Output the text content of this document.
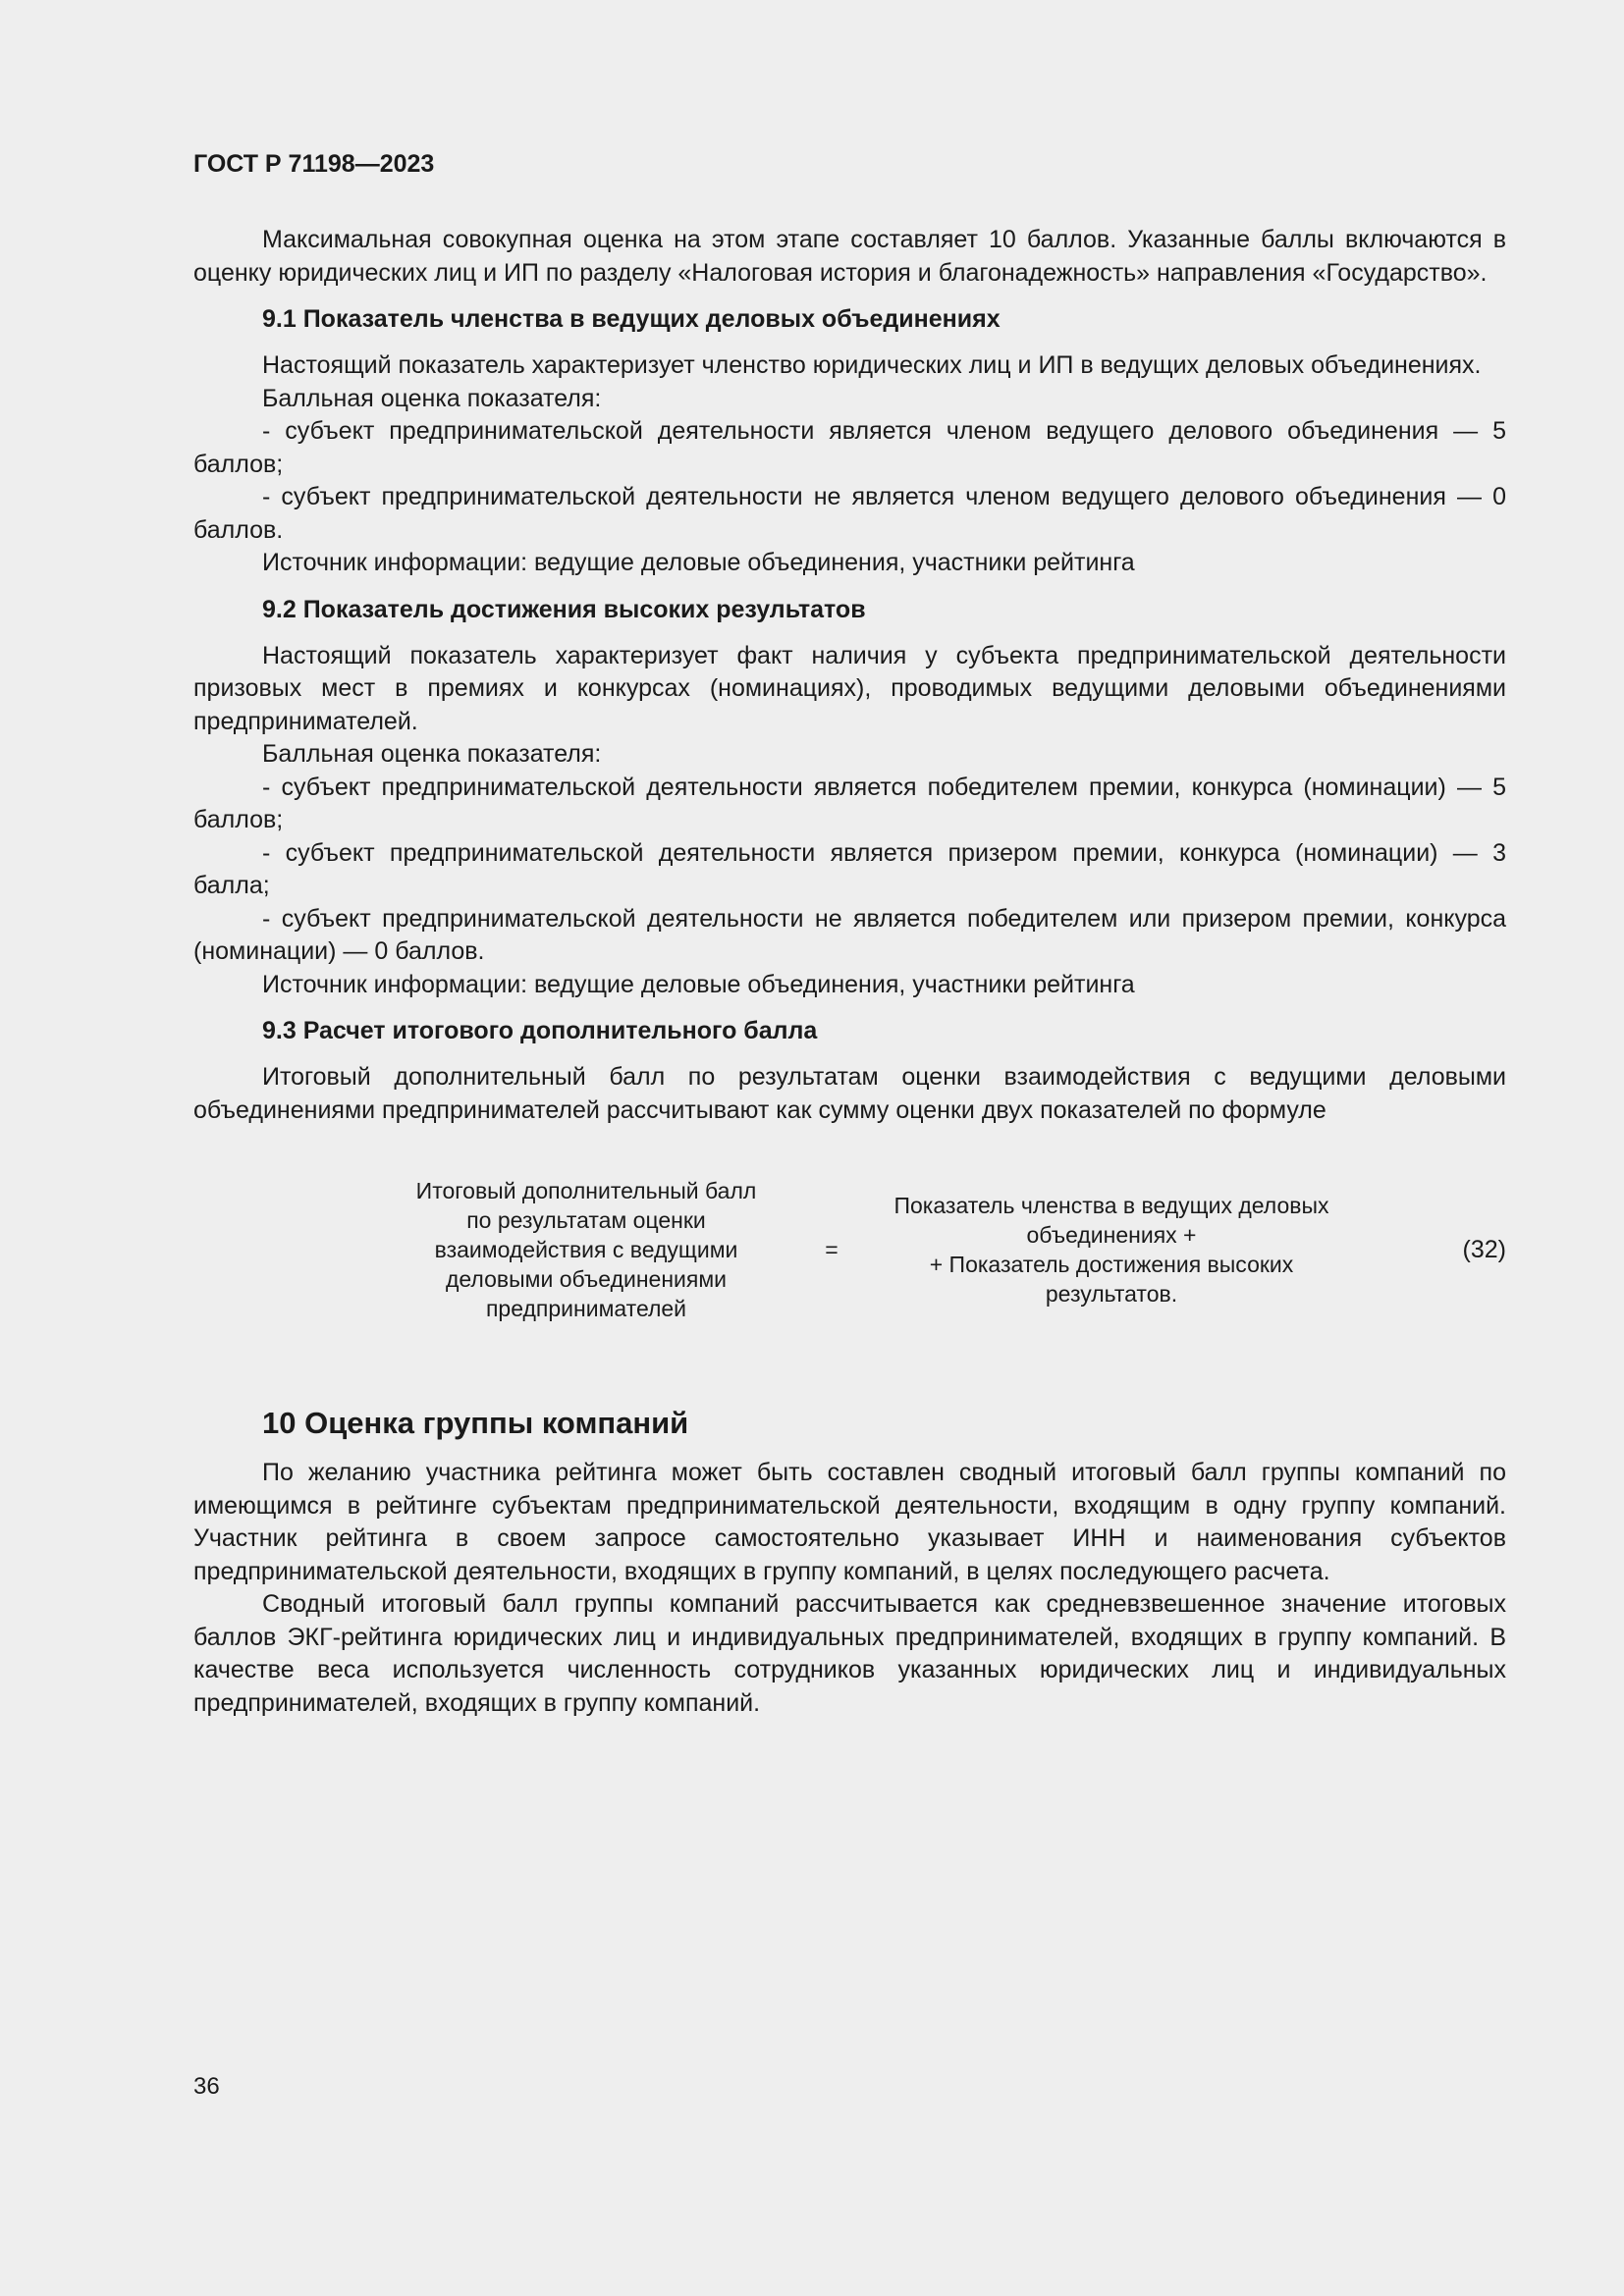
ГОСТ Р 71198—2023

Максимальная совокупная оценка на этом этапе составляет 10 баллов. Указанные баллы включаются в оценку юридических лиц и ИП по разделу «Налоговая история и благонадежность» направления «Государство».

9.1 Показатель членства в ведущих деловых объединениях

Настоящий показатель характеризует членство юридических лиц и ИП в ведущих деловых объединениях.

Балльная оценка показателя:

- субъект предпринимательской деятельности является членом ведущего делового объединения — 5 баллов;

- субъект предпринимательской деятельности не является членом ведущего делового объединения — 0 баллов.

Источник информации: ведущие деловые объединения, участники рейтинга

9.2 Показатель достижения высоких результатов

Настоящий показатель характеризует факт наличия у субъекта предпринимательской деятельности призовых мест в премиях и конкурсах (номинациях), проводимых ведущими деловыми объединениями предпринимателей.

Балльная оценка показателя:

- субъект предпринимательской деятельности является победителем премии, конкурса (номинации) — 5 баллов;

- субъект предпринимательской деятельности является призером премии, конкурса (номинации) — 3 балла;

- субъект предпринимательской деятельности не является победителем или призером премии, конкурса (номинации) — 0 баллов.

Источник информации: ведущие деловые объединения, участники рейтинга

9.3 Расчет итогового дополнительного балла

Итоговый дополнительный балл по результатам оценки взаимодействия с ведущими деловыми объединениями предпринимателей рассчитывают как сумму оценки двух показателей по формуле

Итоговый дополнительный балл
по результатам оценки
взаимодействия с ведущими
деловыми объединениями
предпринимателей
=
Показатель членства в ведущих деловых
объединениях +
+ Показатель достижения высоких
результатов.
(32)
10 Оценка группы компаний

По желанию участника рейтинга может быть составлен сводный итоговый балл группы компаний по имеющимся в рейтинге субъектам предпринимательской деятельности, входящим в одну группу компаний. Участник рейтинга в своем запросе самостоятельно указывает ИНН и наименования субъектов предпринимательской деятельности, входящих в группу компаний, в целях последующего расчета.

Сводный итоговый балл группы компаний рассчитывается как средневзвешенное значение итоговых баллов ЭКГ-рейтинга юридических лиц и индивидуальных предпринимателей, входящих в группу компаний. В качестве веса используется численность сотрудников указанных юридических лиц и индивидуальных предпринимателей, входящих в группу компаний.

36
